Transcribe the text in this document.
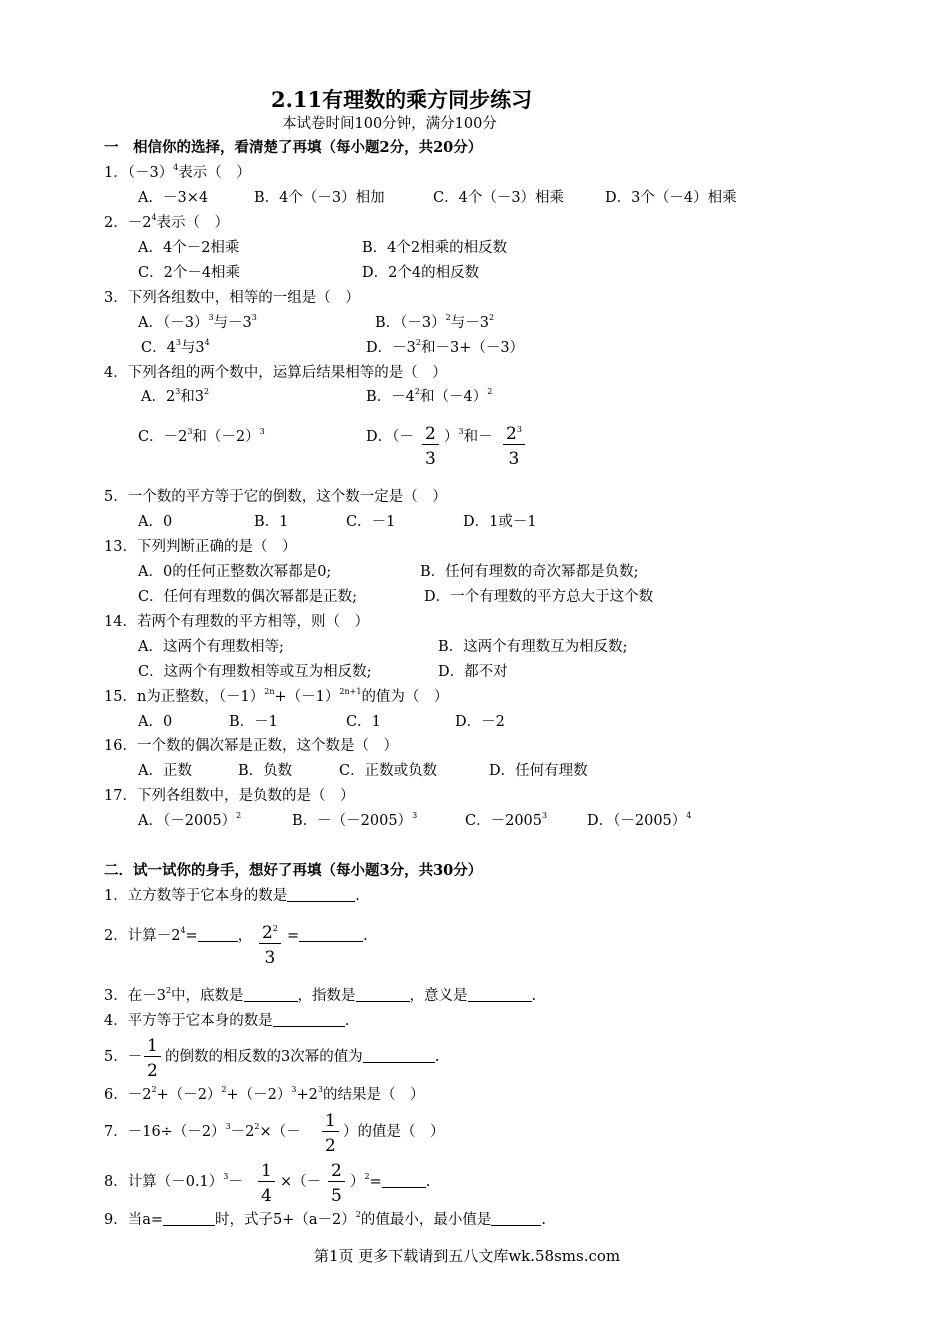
2.11有理数的乘方同步练习
本试卷时间100分钟，满分100分
一　相信你的选择，看清楚了再填（每小题2分，共20分）
1．$(-3)^4$表示（　）
A．－3×4	B．4个（－3）相加	C．4个（－3）相乘	D．3个（－4）相乘
2．$-2^4$表示（　）
A．4个－2相乘	B．4个2相乘的相反数
C．2个－4相乘	D．2个4的相反数
3．下列各组数中，相等的一组是（　）
A．$(-3)^3$与$-3^3$	B．$(-3)^2$与$-3^2$
C．$4^3$与$3^4$	D．$-3^2$和－3+（－3）
4．下列各组的两个数中，运算后结果相等的是（　）
A．$2^3$和$3^2$	B．$-4^2$和$(-4)^2$
C．$-2^3$和$(-2)^3$	D．（－ $\frac{2}{3} )^3$和－ $\frac{2^3}{3}$
5．一个数的平方等于它的倒数，这个数一定是（　）
A．0	B．1	C．－1	D．1或－1
13．下列判断正确的是（　）
A．0的任何正整数次幂都是0;	B．任何有理数的奇次幂都是负数;
C．任何有理数的偶次幂都是正数;	D．一个有理数的平方总大于这个数
14．若两个有理数的平方相等，则（　）
A．这两个有理数相等;	B．这两个有理数互为相反数;
C．这两个有理数相等或互为相反数;	D．都不对
15．n为正整数，$(-1)^{2n}+(-1)^{2n+1}$的值为（　）
A．0	B．－1	C．1	D．－2
16．一个数的偶次幂是正数，这个数是（　）
A．正数	B．负数	C．正数或负数	D．任何有理数
17．下列各组数中，是负数的是（　）
A．$(-2005)^2$	B．$-(-2005)^3$	C．$-2005^3$	D．$(-2005)^4$
二．试一试你的身手，想好了再填（每小题3分，共30分）
1．立方数等于它本身的数是	.
2．计算$-2^4=$	， $\frac{2^2}{3}$ =	.
3．在$-3^2$中，底数是	，指数是	，意义是	.
4．平方等于它本身的数是	.
5．－ $\frac{1}{2}$ 的倒数的相反数的3次幂的值为	.
6．$-2^2+(-2)^2+(-2)^3+2^3$的结果是（　）
7．$-16\div(-2)^3-2^2\times(- \frac{1}{2}$ ）的值是（　）
8．计算$(-0.1)^3- \frac{1}{4}$ ×（－ $\frac{2}{5} )^2=$	.
9．当a=	时，式子$5+(a-2)^2$的值最小，最小值是	.
第1页 更多下载请到五八文库wk.58sms.com
